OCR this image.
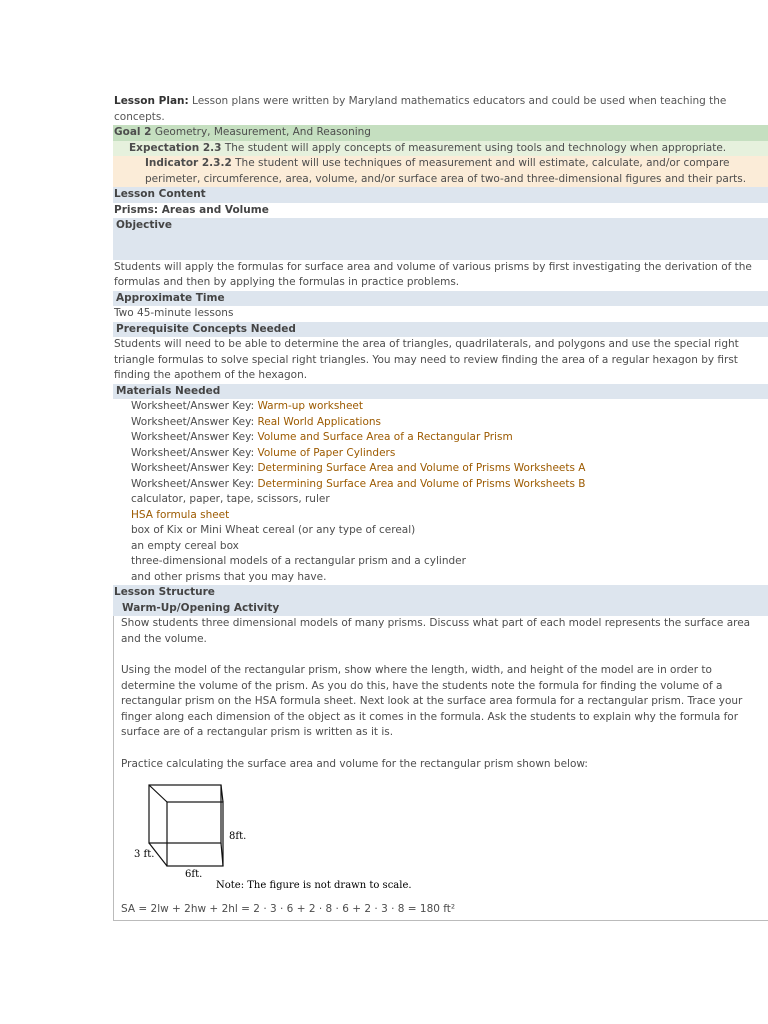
Lesson Plan: Lesson plans were written by Maryland mathematics educators and could be used when teaching the concepts.
Goal 2 Geometry, Measurement, And Reasoning
Expectation 2.3 The student will apply concepts of measurement using tools and technology when appropriate.
Indicator 2.3.2 The student will use techniques of measurement and will estimate, calculate, and/or compare perimeter, circumference, area, volume, and/or surface area of two-and three-dimensional figures and their parts.
Lesson Content
Prisms: Areas and Volume
Objective
Students will apply the formulas for surface area and volume of various prisms by first investigating the derivation of the formulas and then by applying the formulas in practice problems.
Approximate Time
Two 45-minute lessons
Prerequisite Concepts Needed
Students will need to be able to determine the area of triangles, quadrilaterals, and polygons and use the special right triangle formulas to solve special right triangles. You may need to review finding the area of a regular hexagon by first finding the apothem of the hexagon.
Materials Needed
Worksheet/Answer Key: Warm-up worksheet
Worksheet/Answer Key: Real World Applications
Worksheet/Answer Key: Volume and Surface Area of a Rectangular Prism
Worksheet/Answer Key: Volume of Paper Cylinders
Worksheet/Answer Key: Determining Surface Area and Volume of Prisms Worksheets A
Worksheet/Answer Key: Determining Surface Area and Volume of Prisms Worksheets B
calculator, paper, tape, scissors, ruler
HSA formula sheet
box of Kix or Mini Wheat cereal (or any type of cereal)
an empty cereal box
three-dimensional models of a rectangular prism and a cylinder
and other prisms that you may have.
Lesson Structure
Warm-Up/Opening Activity
Show students three dimensional models of many prisms. Discuss what part of each model represents the surface area and the volume.
Using the model of the rectangular prism, show where the length, width, and height of the model are in order to determine the volume of the prism. As you do this, have the students note the formula for finding the volume of a rectangular prism on the HSA formula sheet. Next look at the surface area formula for a rectangular prism. Trace your finger along each dimension of the object as it comes in the formula. Ask the students to explain why the formula for surface are of a rectangular prism is written as it is.
Practice calculating the surface area and volume for the rectangular prism shown below:
8ft.
3 ft.
6ft.
Note: The figure is not drawn to scale.
SA = 2lw + 2hw + 2hl = 2 · 3 · 6 + 2 · 8 · 6 + 2 · 3 · 8 = 180 ft²
